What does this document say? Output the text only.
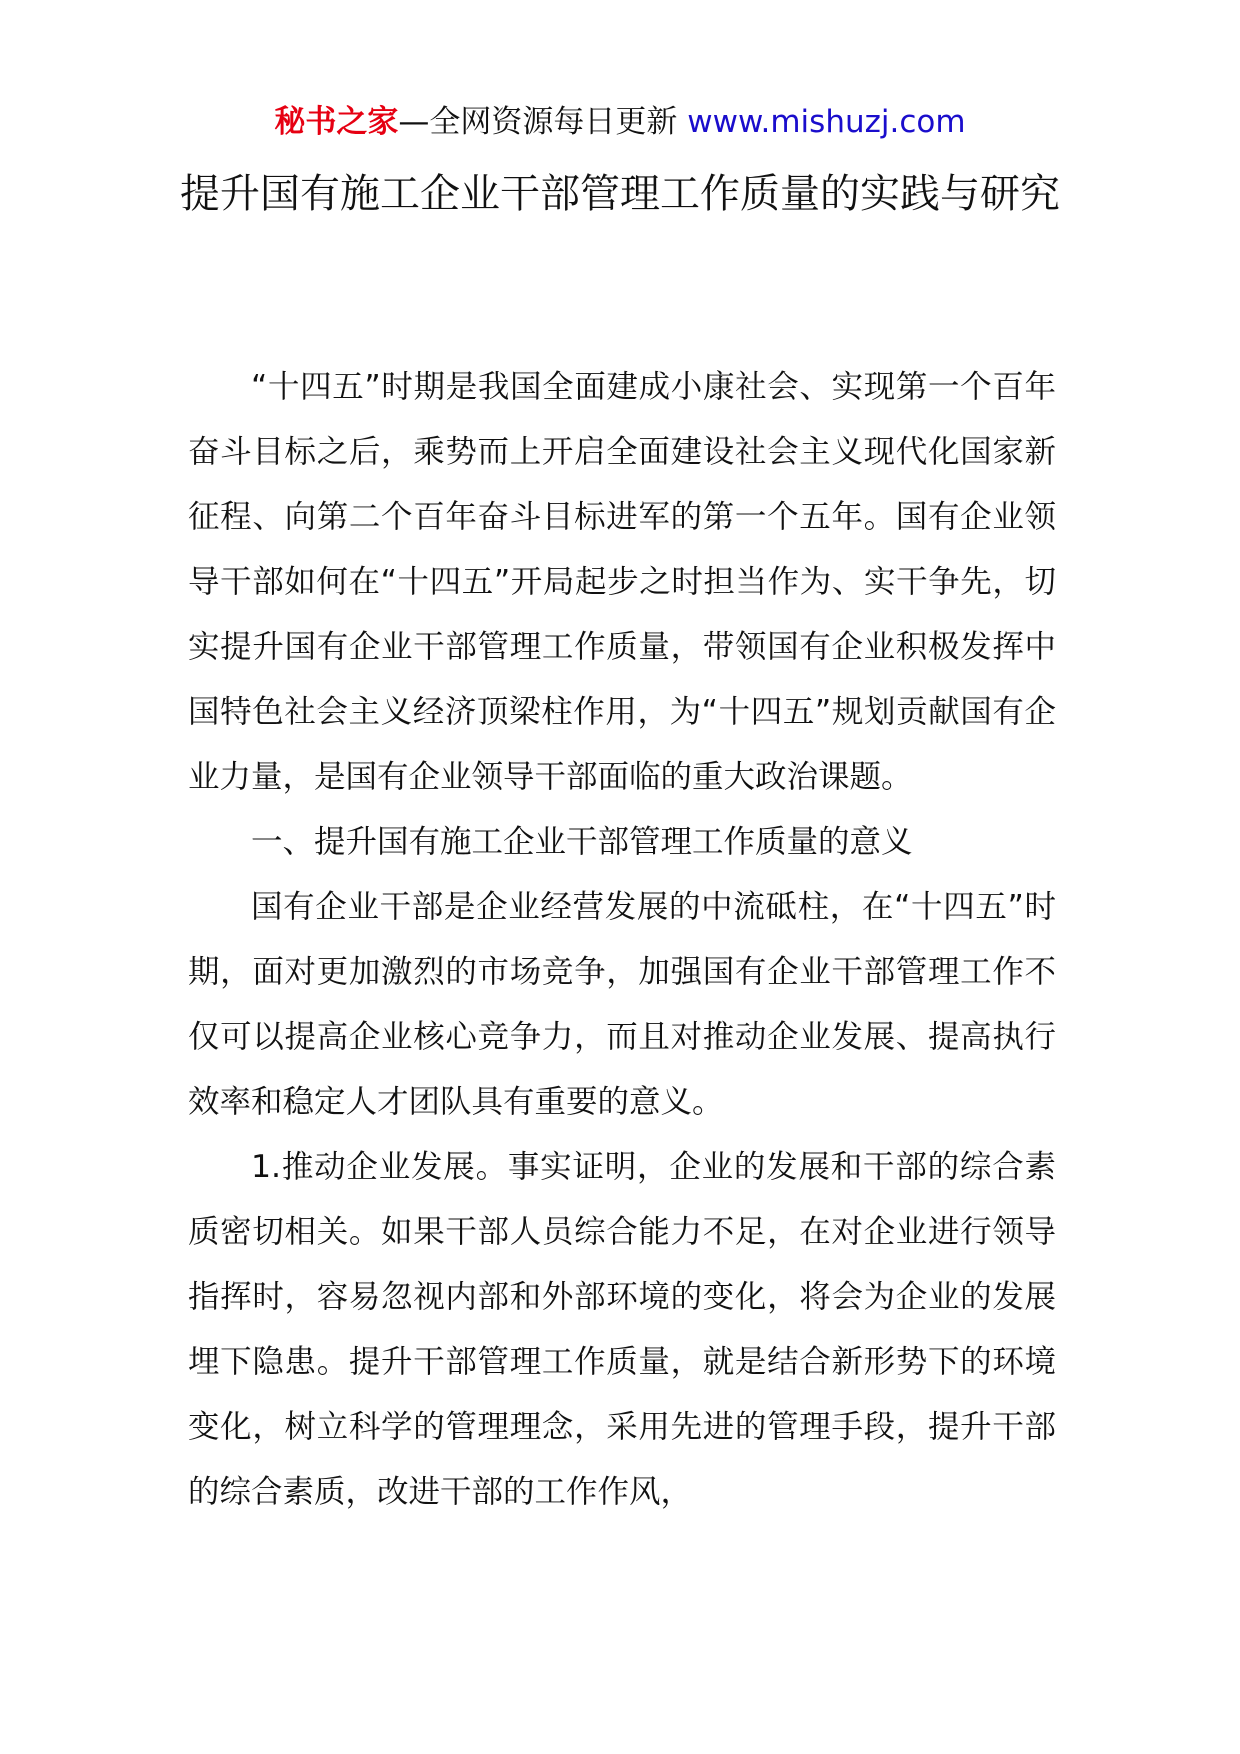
秘书之家—全网资源每日更新 www.mishuzj.com
提升国有施工企业干部管理工作质量的实践与研究

“十四五”时期是我国全面建成小康社会、实现第一个百年奋斗目标之后，乘势而上开启全面建设社会主义现代化国家新征程、向第二个百年奋斗目标进军的第一个五年。国有企业领导干部如何在“十四五”开局起步之时担当作为、实干争先，切实提升国有企业干部管理工作质量，带领国有企业积极发挥中国特色社会主义经济顶梁柱作用，为“十四五”规划贡献国有企业力量，是国有企业领导干部面临的重大政治课题。

一、提升国有施工企业干部管理工作质量的意义

国有企业干部是企业经营发展的中流砥柱，在“十四五”时期，面对更加激烈的市场竞争，加强国有企业干部管理工作不仅可以提高企业核心竞争力，而且对推动企业发展、提高执行效率和稳定人才团队具有重要的意义。

1.推动企业发展。事实证明，企业的发展和干部的综合素质密切相关。如果干部人员综合能力不足，在对企业进行领导指挥时，容易忽视内部和外部环境的变化，将会为企业的发展埋下隐患。提升干部管理工作质量，就是结合新形势下的环境变化，树立科学的管理理念，采用先进的管理手段，提升干部的综合素质，改进干部的工作作风，
